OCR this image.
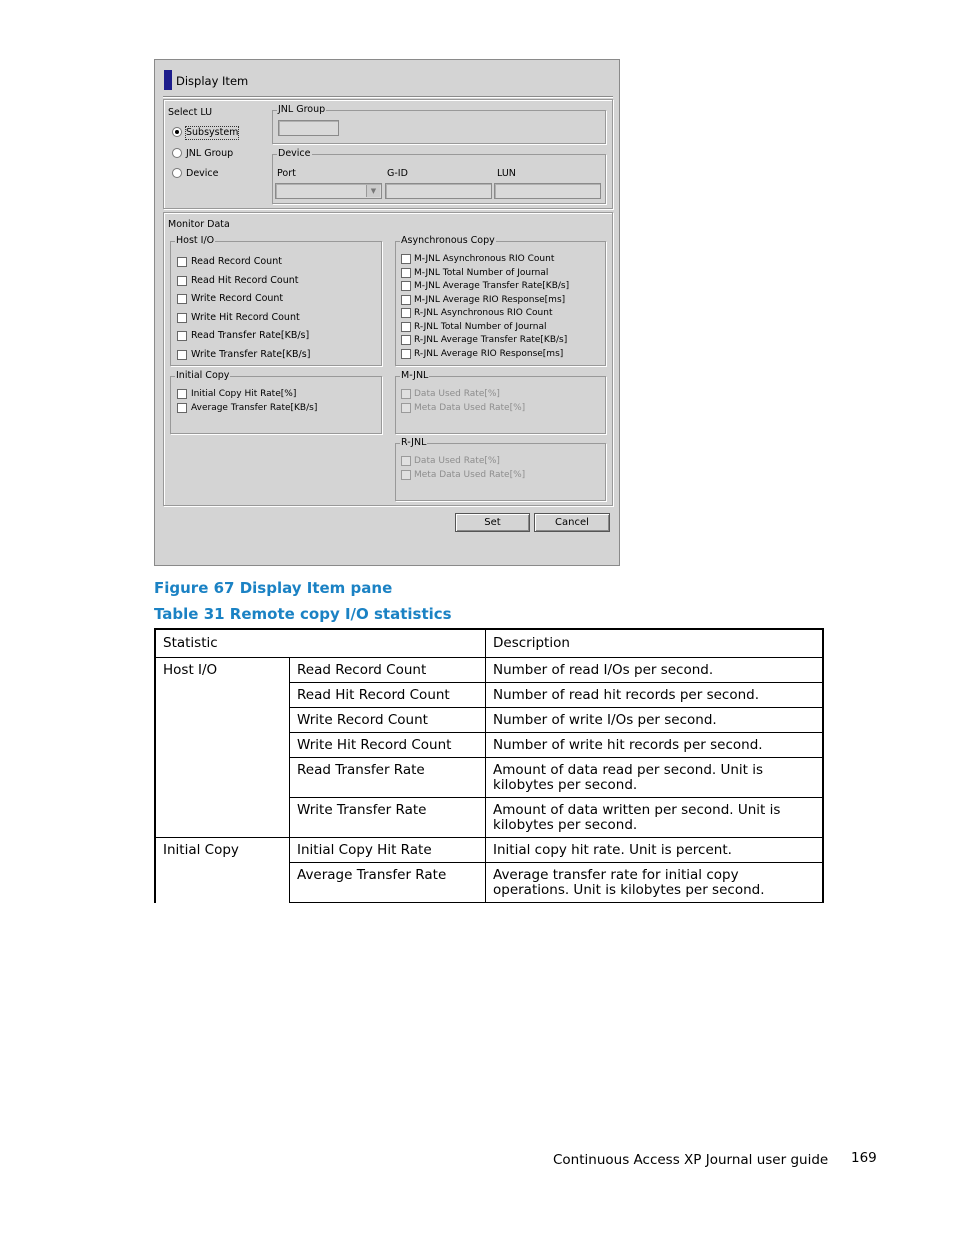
Display Item
Select LU
Subsystem
JNL Group
Device
JNL Group
Device
Port	G-ID	LUN
▼
Monitor Data
Host I/O
Read Record Count
Read Hit Record Count
Write Record Count
Write Hit Record Count
Read Transfer Rate[KB/s]
Write Transfer Rate[KB/s]
Asynchronous Copy
M-JNL Asynchronous RIO Count
M-JNL Total Number of Journal
M-JNL Average Transfer Rate[KB/s]
M-JNL Average RIO Response[ms]
R-JNL Asynchronous RIO Count
R-JNL Total Number of Journal
R-JNL Average Transfer Rate[KB/s]
R-JNL Average RIO Response[ms]
Initial Copy
Initial Copy Hit Rate[%]
Average Transfer Rate[KB/s]
M-JNL
Data Used Rate[%]
Meta Data Used Rate[%]
R-JNL
Data Used Rate[%]
Meta Data Used Rate[%]
Set	Cancel
Figure 67 Display Item pane
Table 31 Remote copy I/O statistics
Statistic		Description
Host I/O	Read Record Count	Number of read I/Os per second.
	Read Hit Record Count	Number of read hit records per second.
	Write Record Count	Number of write I/Os per second.
	Write Hit Record Count	Number of write hit records per second.
	Read Transfer Rate	Amount of data read per second. Unit is kilobytes per second.
	Write Transfer Rate	Amount of data written per second. Unit is kilobytes per second.
Initial Copy	Initial Copy Hit Rate	Initial copy hit rate. Unit is percent.
	Average Transfer Rate	Average transfer rate for initial copy operations. Unit is kilobytes per second.
Continuous Access XP Journal user guide 169
